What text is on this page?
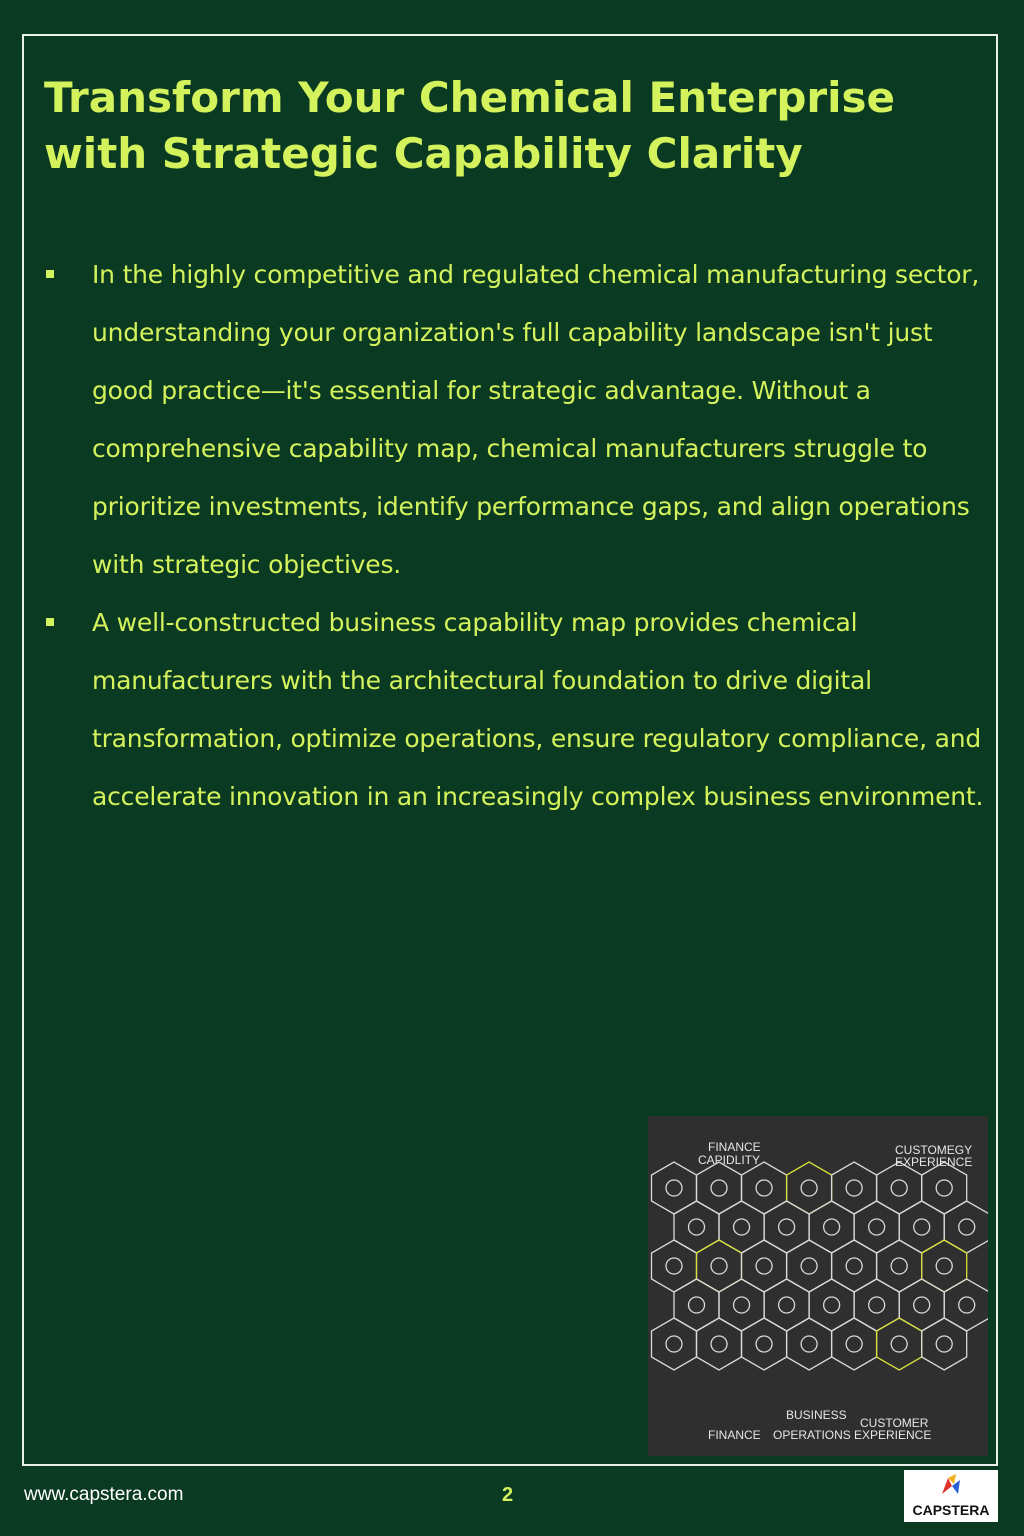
Transform Your Chemical Enterprise with Strategic Capability Clarity
In the highly competitive and regulated chemical manufacturing sector, understanding your organization's full capability landscape isn't just good practice—it's essential for strategic advantage. Without a comprehensive capability map, chemical manufacturers struggle to prioritize investments, identify performance gaps, and align operations with strategic objectives.
A well-constructed business capability map provides chemical manufacturers with the architectural foundation to drive digital transformation, optimize operations, ensure regulatory compliance, and accelerate innovation in an increasingly complex business environment.
FINANCE
CAPIDLITY
CUSTOMEGY
EXPERIENCE
FINANCE
BUSINESS
OPERATIONS
CUSTOMER
EXPERIENCE
www.capstera.com	2
CAPSTERA
